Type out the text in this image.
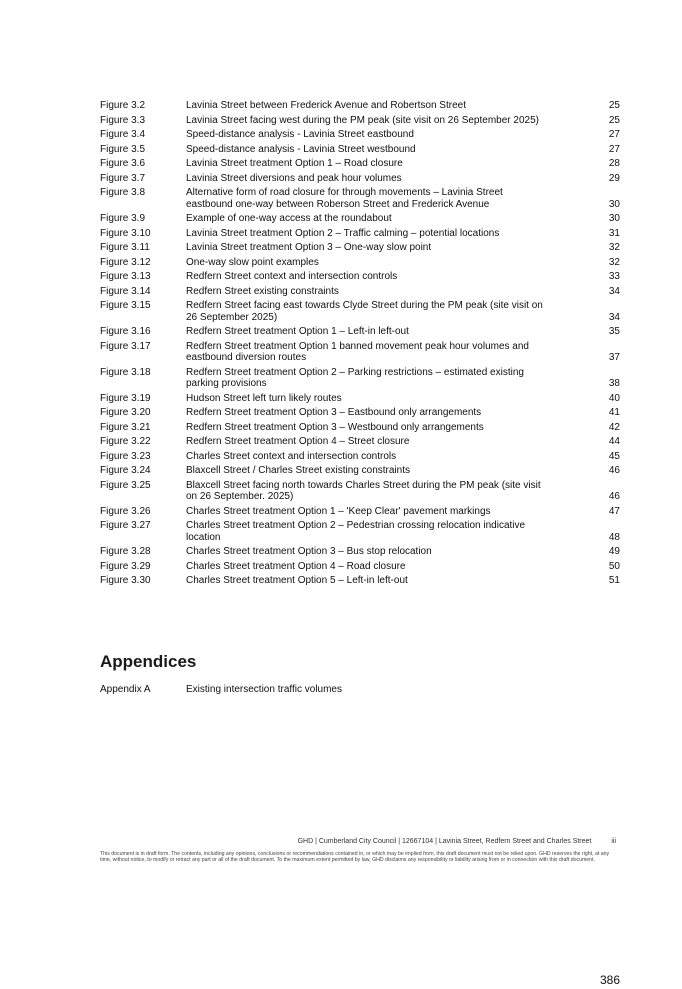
Figure 3.2	Lavinia Street between Frederick Avenue and Robertson Street	25
Figure 3.3	Lavinia Street facing west during the PM peak (site visit on 26 September 2025)	25
Figure 3.4	Speed-distance analysis - Lavinia Street eastbound	27
Figure 3.5	Speed-distance analysis - Lavinia Street westbound	27
Figure 3.6	Lavinia Street treatment Option 1 – Road closure	28
Figure 3.7	Lavinia Street diversions and peak hour volumes	29
Figure 3.8	Alternative form of road closure for through movements – Lavinia Street
eastbound one-way between Roberson Street and Frederick Avenue	30
Figure 3.9	Example of one-way access at the roundabout	30
Figure 3.10	Lavinia Street treatment Option 2 – Traffic calming – potential locations	31
Figure 3.11	Lavinia Street treatment Option 3 – One-way slow point	32
Figure 3.12	One-way slow point examples	32
Figure 3.13	Redfern Street context and intersection controls	33
Figure 3.14	Redfern Street existing constraints	34
Figure 3.15	Redfern Street facing east towards Clyde Street during the PM peak (site visit on
26 September 2025)	34
Figure 3.16	Redfern Street treatment Option 1 – Left-in left-out	35
Figure 3.17	Redfern Street treatment Option 1 banned movement peak hour volumes and
eastbound diversion routes	37
Figure 3.18	Redfern Street treatment Option 2 – Parking restrictions – estimated existing
parking provisions	38
Figure 3.19	Hudson Street left turn likely routes	40
Figure 3.20	Redfern Street treatment Option 3 – Eastbound only arrangements	41
Figure 3.21	Redfern Street treatment Option 3 – Westbound only arrangements	42
Figure 3.22	Redfern Street treatment Option 4 – Street closure	44
Figure 3.23	Charles Street context and intersection controls	45
Figure 3.24	Blaxcell Street / Charles Street existing constraints	46
Figure 3.25	Blaxcell Street facing north towards Charles Street during the PM peak (site visit
on 26 September. 2025)	46
Figure 3.26	Charles Street treatment Option 1 – 'Keep Clear' pavement markings	47
Figure 3.27	Charles Street treatment Option 2 – Pedestrian crossing relocation indicative
location	48
Figure 3.28	Charles Street treatment Option 3 – Bus stop relocation	49
Figure 3.29	Charles Street treatment Option 4 – Road closure	50
Figure 3.30	Charles Street treatment Option 5 – Left-in left-out	51
Appendices
Appendix A	Existing intersection traffic volumes
GHD | Cumberland City Council | 12667104 | Lavinia Street, Redfern Street and Charles Street	iii
This document is in draft form. The contents, including any opinions, conclusions or recommendations contained in, or which may be implied from, this draft document must not be relied upon. GHD reserves the right, at any time, without notice, to modify or retract any part or all of the draft document. To the maximum extent permitted by law, GHD disclaims any responsibility or liability arising from or in connection with this draft document.
386
